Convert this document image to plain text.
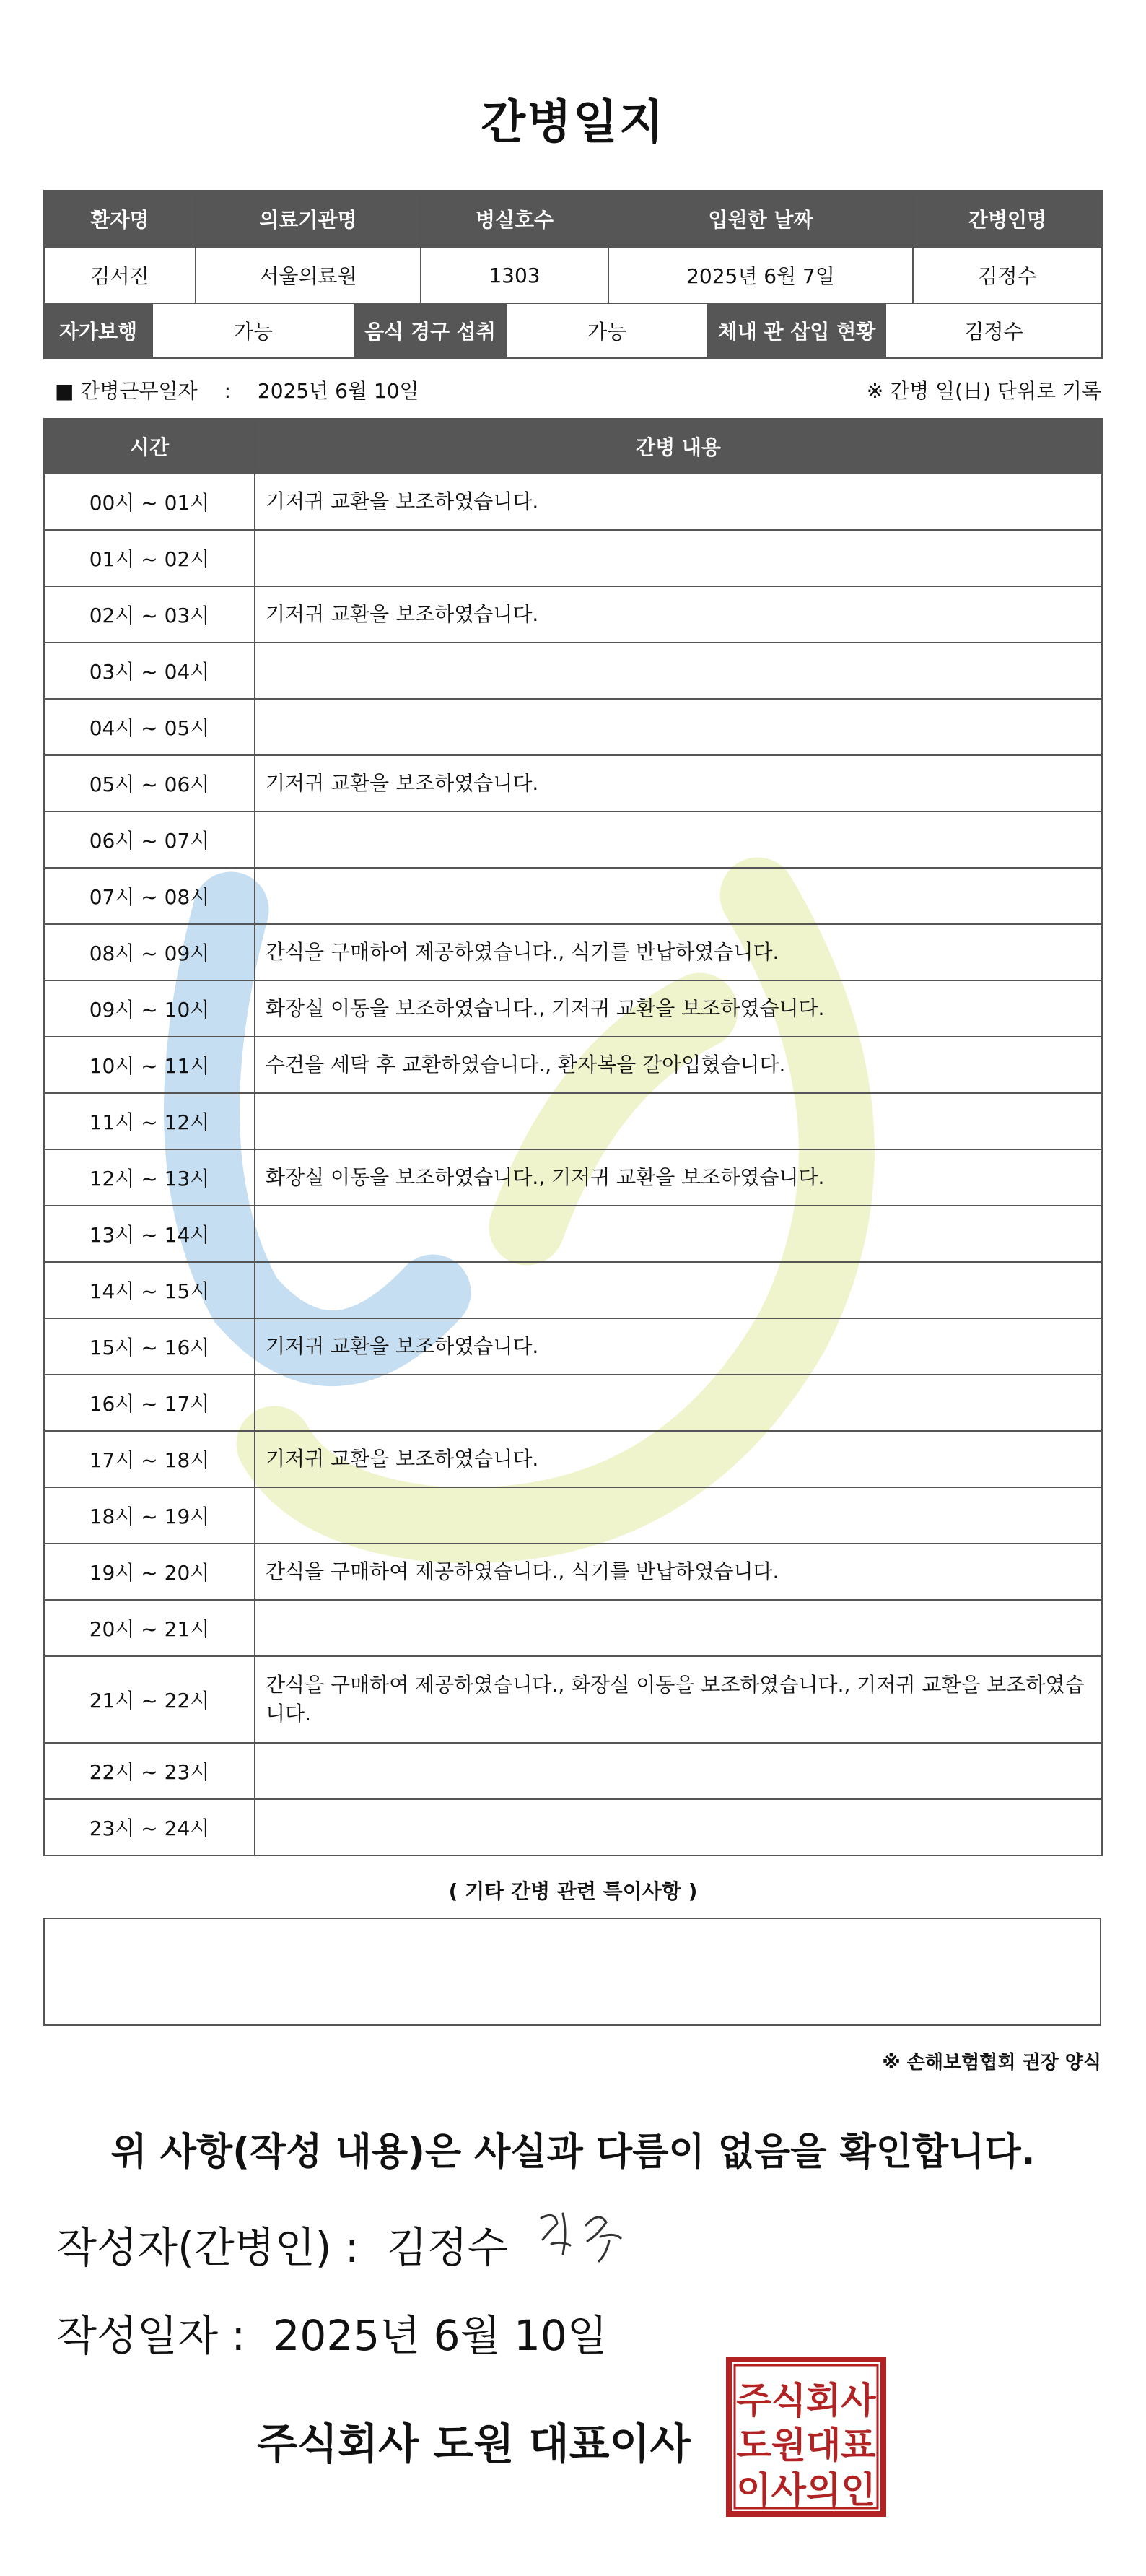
간병일지
환자명	의료기관명	병실호수	입원한 날짜	간병인명
김서진	서울의료원	1303	2025년 6월 7일	김정수
자가보행	가능	음식 경구 섭취	가능	체내 관 삽입 현황	김정수
■ 간병근무일자 : 2025년 6월 10일	※ 간병 일(日) 단위로 기록
시간	간병 내용
00시 ~ 01시	기저귀 교환을 보조하였습니다.
01시 ~ 02시	
02시 ~ 03시	기저귀 교환을 보조하였습니다.
03시 ~ 04시	
04시 ~ 05시	
05시 ~ 06시	기저귀 교환을 보조하였습니다.
06시 ~ 07시	
07시 ~ 08시	
08시 ~ 09시	간식을 구매하여 제공하였습니다., 식기를 반납하였습니다.
09시 ~ 10시	화장실 이동을 보조하였습니다., 기저귀 교환을 보조하였습니다.
10시 ~ 11시	수건을 세탁 후 교환하였습니다., 환자복을 갈아입혔습니다.
11시 ~ 12시	
12시 ~ 13시	화장실 이동을 보조하였습니다., 기저귀 교환을 보조하였습니다.
13시 ~ 14시	
14시 ~ 15시	
15시 ~ 16시	기저귀 교환을 보조하였습니다.
16시 ~ 17시	
17시 ~ 18시	기저귀 교환을 보조하였습니다.
18시 ~ 19시	
19시 ~ 20시	간식을 구매하여 제공하였습니다., 식기를 반납하였습니다.
20시 ~ 21시	
21시 ~ 22시	간식을 구매하여 제공하였습니다., 화장실 이동을 보조하였습니다., 기저귀 교환을 보조하였습니다.
22시 ~ 23시	
23시 ~ 24시	
( 기타 간병 관련 특이사항 )
※ 손해보험협회 권장 양식
위 사항(작성 내용)은 사실과 다름이 없음을 확인합니다.
작성자(간병인) : 김정수
작성일자 : 2025년 6월 10일
주식회사 도원 대표이사
주식회사
도원대표
이사의인
